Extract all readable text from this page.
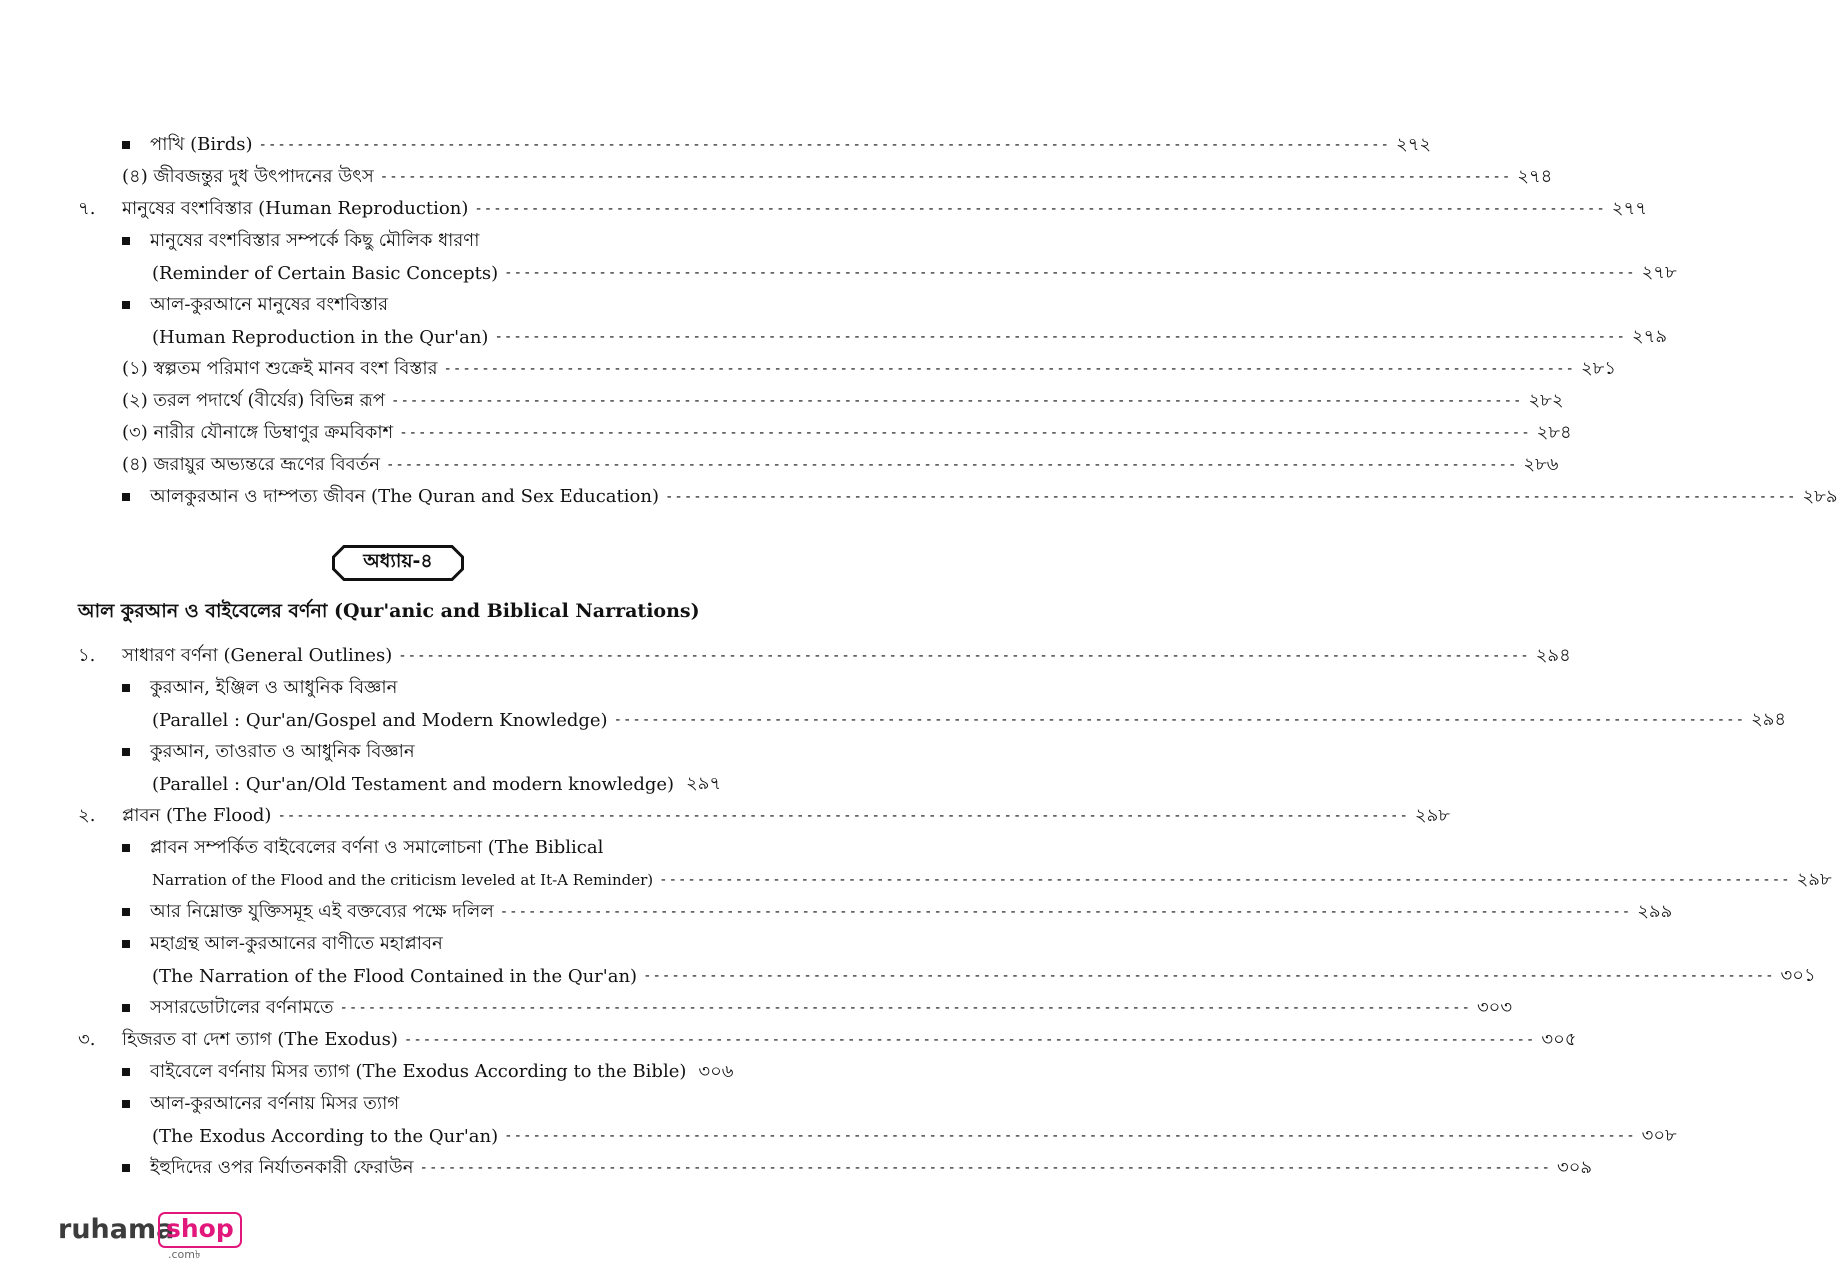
পাখি (Birds) ------------------------------------------------------------------------------------------------------------------------ ২৭২
(৪) জীবজন্তুর দুধ উৎপাদনের উৎস ------------------------------------------------------------------------------------------------------------------------ ২৭৪
৭.	মানুষের বংশবিস্তার (Human Reproduction) ------------------------------------------------------------------------------------------------------------------------ ২৭৭
মানুষের বংশবিস্তার সম্পর্কে কিছু মৌলিক ধারণা
(Reminder of Certain Basic Concepts) ------------------------------------------------------------------------------------------------------------------------ ২৭৮
আল-কুরআনে মানুষের বংশবিস্তার
(Human Reproduction in the Qur'an) ------------------------------------------------------------------------------------------------------------------------ ২৭৯
(১) স্বল্পতম পরিমাণ শুক্রেই মানব বংশ বিস্তার ------------------------------------------------------------------------------------------------------------------------ ২৮১
(২) তরল পদার্থে (বীর্যের) বিভিন্ন রূপ ------------------------------------------------------------------------------------------------------------------------ ২৮২
(৩) নারীর যৌনাঙ্গে ডিম্বাণুর ক্রমবিকাশ ------------------------------------------------------------------------------------------------------------------------ ২৮৪
(৪) জরায়ুর অভ্যন্তরে ভ্রূণের বিবর্তন ------------------------------------------------------------------------------------------------------------------------ ২৮৬
আলকুরআন ও দাম্পত্য জীবন (The Quran and Sex Education) ------------------------------------------------------------------------------------------------------------------------ ২৮৯
অধ্যায়-৪
আল কুরআন ও বাইবেলের বর্ণনা (Qur'anic and Biblical Narrations)
১.	সাধারণ বর্ণনা (General Outlines) ------------------------------------------------------------------------------------------------------------------------ ২৯৪
কুরআন, ইঞ্জিল ও আধুনিক বিজ্ঞান
(Parallel : Qur'an/Gospel and Modern Knowledge) ------------------------------------------------------------------------------------------------------------------------ ২৯৪
কুরআন, তাওরাত ও আধুনিক বিজ্ঞান
(Parallel : Qur'an/Old Testament and modern knowledge) ২৯৭
২.	প্লাবন (The Flood) ------------------------------------------------------------------------------------------------------------------------ ২৯৮
প্লাবন সম্পর্কিত বাইবেলের বর্ণনা ও সমালোচনা (The Biblical
Narration of the Flood and the criticism leveled at It-A Reminder) ------------------------------------------------------------------------------------------------------------------------ ২৯৮
আর নিম্নোক্ত যুক্তিসমূহ এই বক্তব্যের পক্ষে দলিল ------------------------------------------------------------------------------------------------------------------------ ২৯৯
মহাগ্রন্থ আল-কুরআনের বাণীতে মহাপ্লাবন
(The Narration of the Flood Contained in the Qur'an) ------------------------------------------------------------------------------------------------------------------------ ৩০১
সসারডোটালের বর্ণনামতে ------------------------------------------------------------------------------------------------------------------------ ৩০৩
৩.	হিজরত বা দেশ ত্যাগ (The Exodus) ------------------------------------------------------------------------------------------------------------------------ ৩০৫
বাইবেলে বর্ণনায় মিসর ত্যাগ (The Exodus According to the Bible) ৩০৬
আল-কুরআনের বর্ণনায় মিসর ত্যাগ
(The Exodus According to the Qur'an) ------------------------------------------------------------------------------------------------------------------------ ৩০৮
ইহুদিদের ওপর নির্যাতনকারী ফেরাউন ------------------------------------------------------------------------------------------------------------------------ ৩০৯
ruhama
shop
.com৳
